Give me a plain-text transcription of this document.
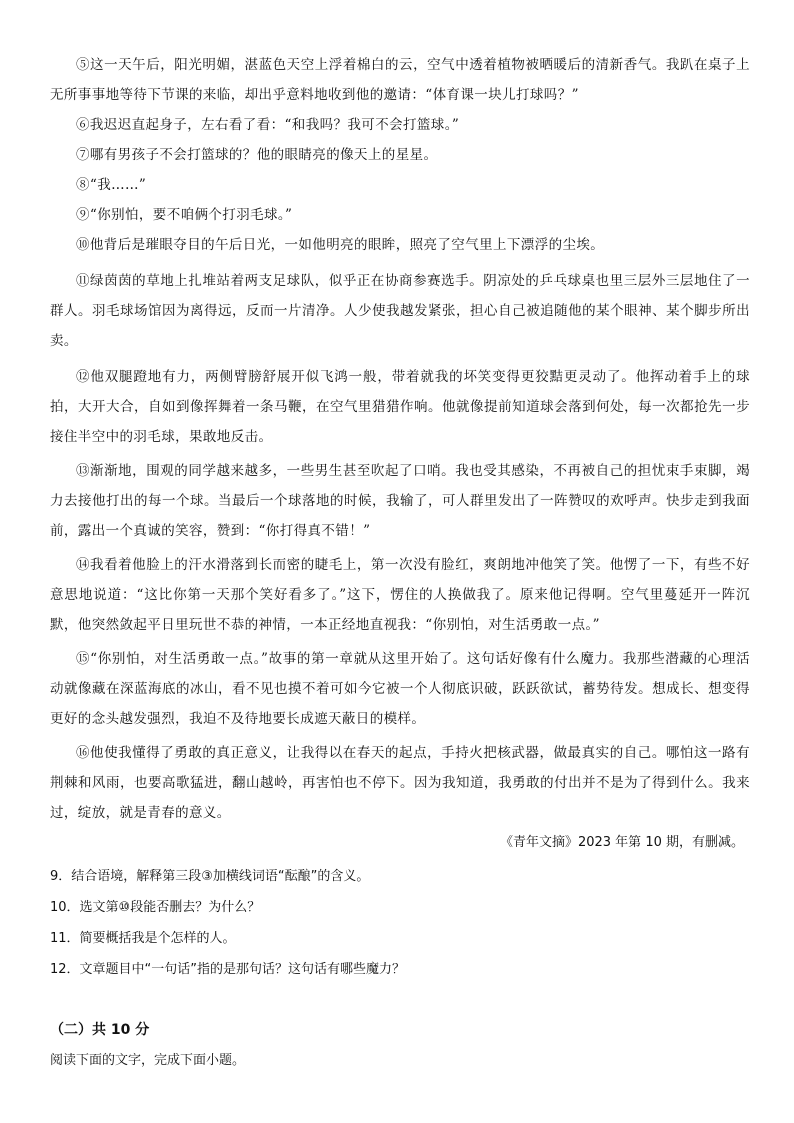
⑤这一天午后，阳光明媚，湛蓝色天空上浮着棉白的云，空气中透着植物被晒暖后的清新香气。我趴在桌子上无所事事地等待下节课的来临，却出乎意料地收到他的邀请：“体育课一块儿打球吗？”

⑥我迟迟直起身子，左右看了看：“和我吗？我可不会打篮球。”

⑦哪有男孩子不会打篮球的？他的眼睛亮的像天上的星星。

⑧“我……”

⑨“你别怕，要不咱俩个打羽毛球。”

⑩他背后是璀眼夺目的午后日光，一如他明亮的眼眸，照亮了空气里上下漂浮的尘埃。

⑪绿茵茵的草地上扎堆站着两支足球队，似乎正在协商参赛选手。阴凉处的乒乓球桌也里三层外三层地住了一群人。羽毛球场馆因为离得远，反而一片清净。人少使我越发紧张，担心自己被追随他的某个眼神、某个脚步所出卖。

⑫他双腿蹬地有力，两侧臂膀舒展开似飞鸿一般，带着就我的坏笑变得更狡黠更灵动了。他挥动着手上的球拍，大开大合，自如到像挥舞着一条马鞭，在空气里猎猎作响。他就像提前知道球会落到何处，每一次都抢先一步接住半空中的羽毛球，果敢地反击。

⑬渐渐地，围观的同学越来越多，一些男生甚至吹起了口哨。我也受其感染，不再被自己的担忧束手束脚，竭力去接他打出的每一个球。当最后一个球落地的时候，我输了，可人群里发出了一阵赞叹的欢呼声。快步走到我面前，露出一个真诚的笑容，赞到：“你打得真不错！”

⑭我看着他脸上的汗水滑落到长而密的睫毛上，第一次没有脸红，爽朗地冲他笑了笑。他愣了一下，有些不好意思地说道：“这比你第一天那个笑好看多了。”这下，愣住的人换做我了。原来他记得啊。空气里蔓延开一阵沉默，他突然敛起平日里玩世不恭的神情，一本正经地直视我：“你别怕，对生活勇敢一点。”

⑮“你别怕，对生活勇敢一点。”故事的第一章就从这里开始了。这句话好像有什么魔力。我那些潜藏的心理活动就像藏在深蓝海底的冰山，看不见也摸不着可如今它被一个人彻底识破，跃跃欲试，蓄势待发。想成长、想变得更好的念头越发强烈，我迫不及待地要长成遮天蔽日的模样。

⑯他使我懂得了勇敢的真正意义，让我得以在春天的起点，手持火把核武器，做最真实的自己。哪怕这一路有荆棘和风雨，也要高歌猛进，翻山越岭，再害怕也不停下。因为我知道，我勇敢的付出并不是为了得到什么。我来过，绽放，就是青春的意义。

《青年文摘》2023 年第 10 期，有删减。
9．结合语境，解释第三段③加横线词语“酝酿”的含义。
10．选文第⑩段能否删去？为什么？
11．简要概括我是个怎样的人。
12．文章题目中“一句话”指的是那句话？这句话有哪些魔力？
（二）共 10 分
阅读下面的文字，完成下面小题。
